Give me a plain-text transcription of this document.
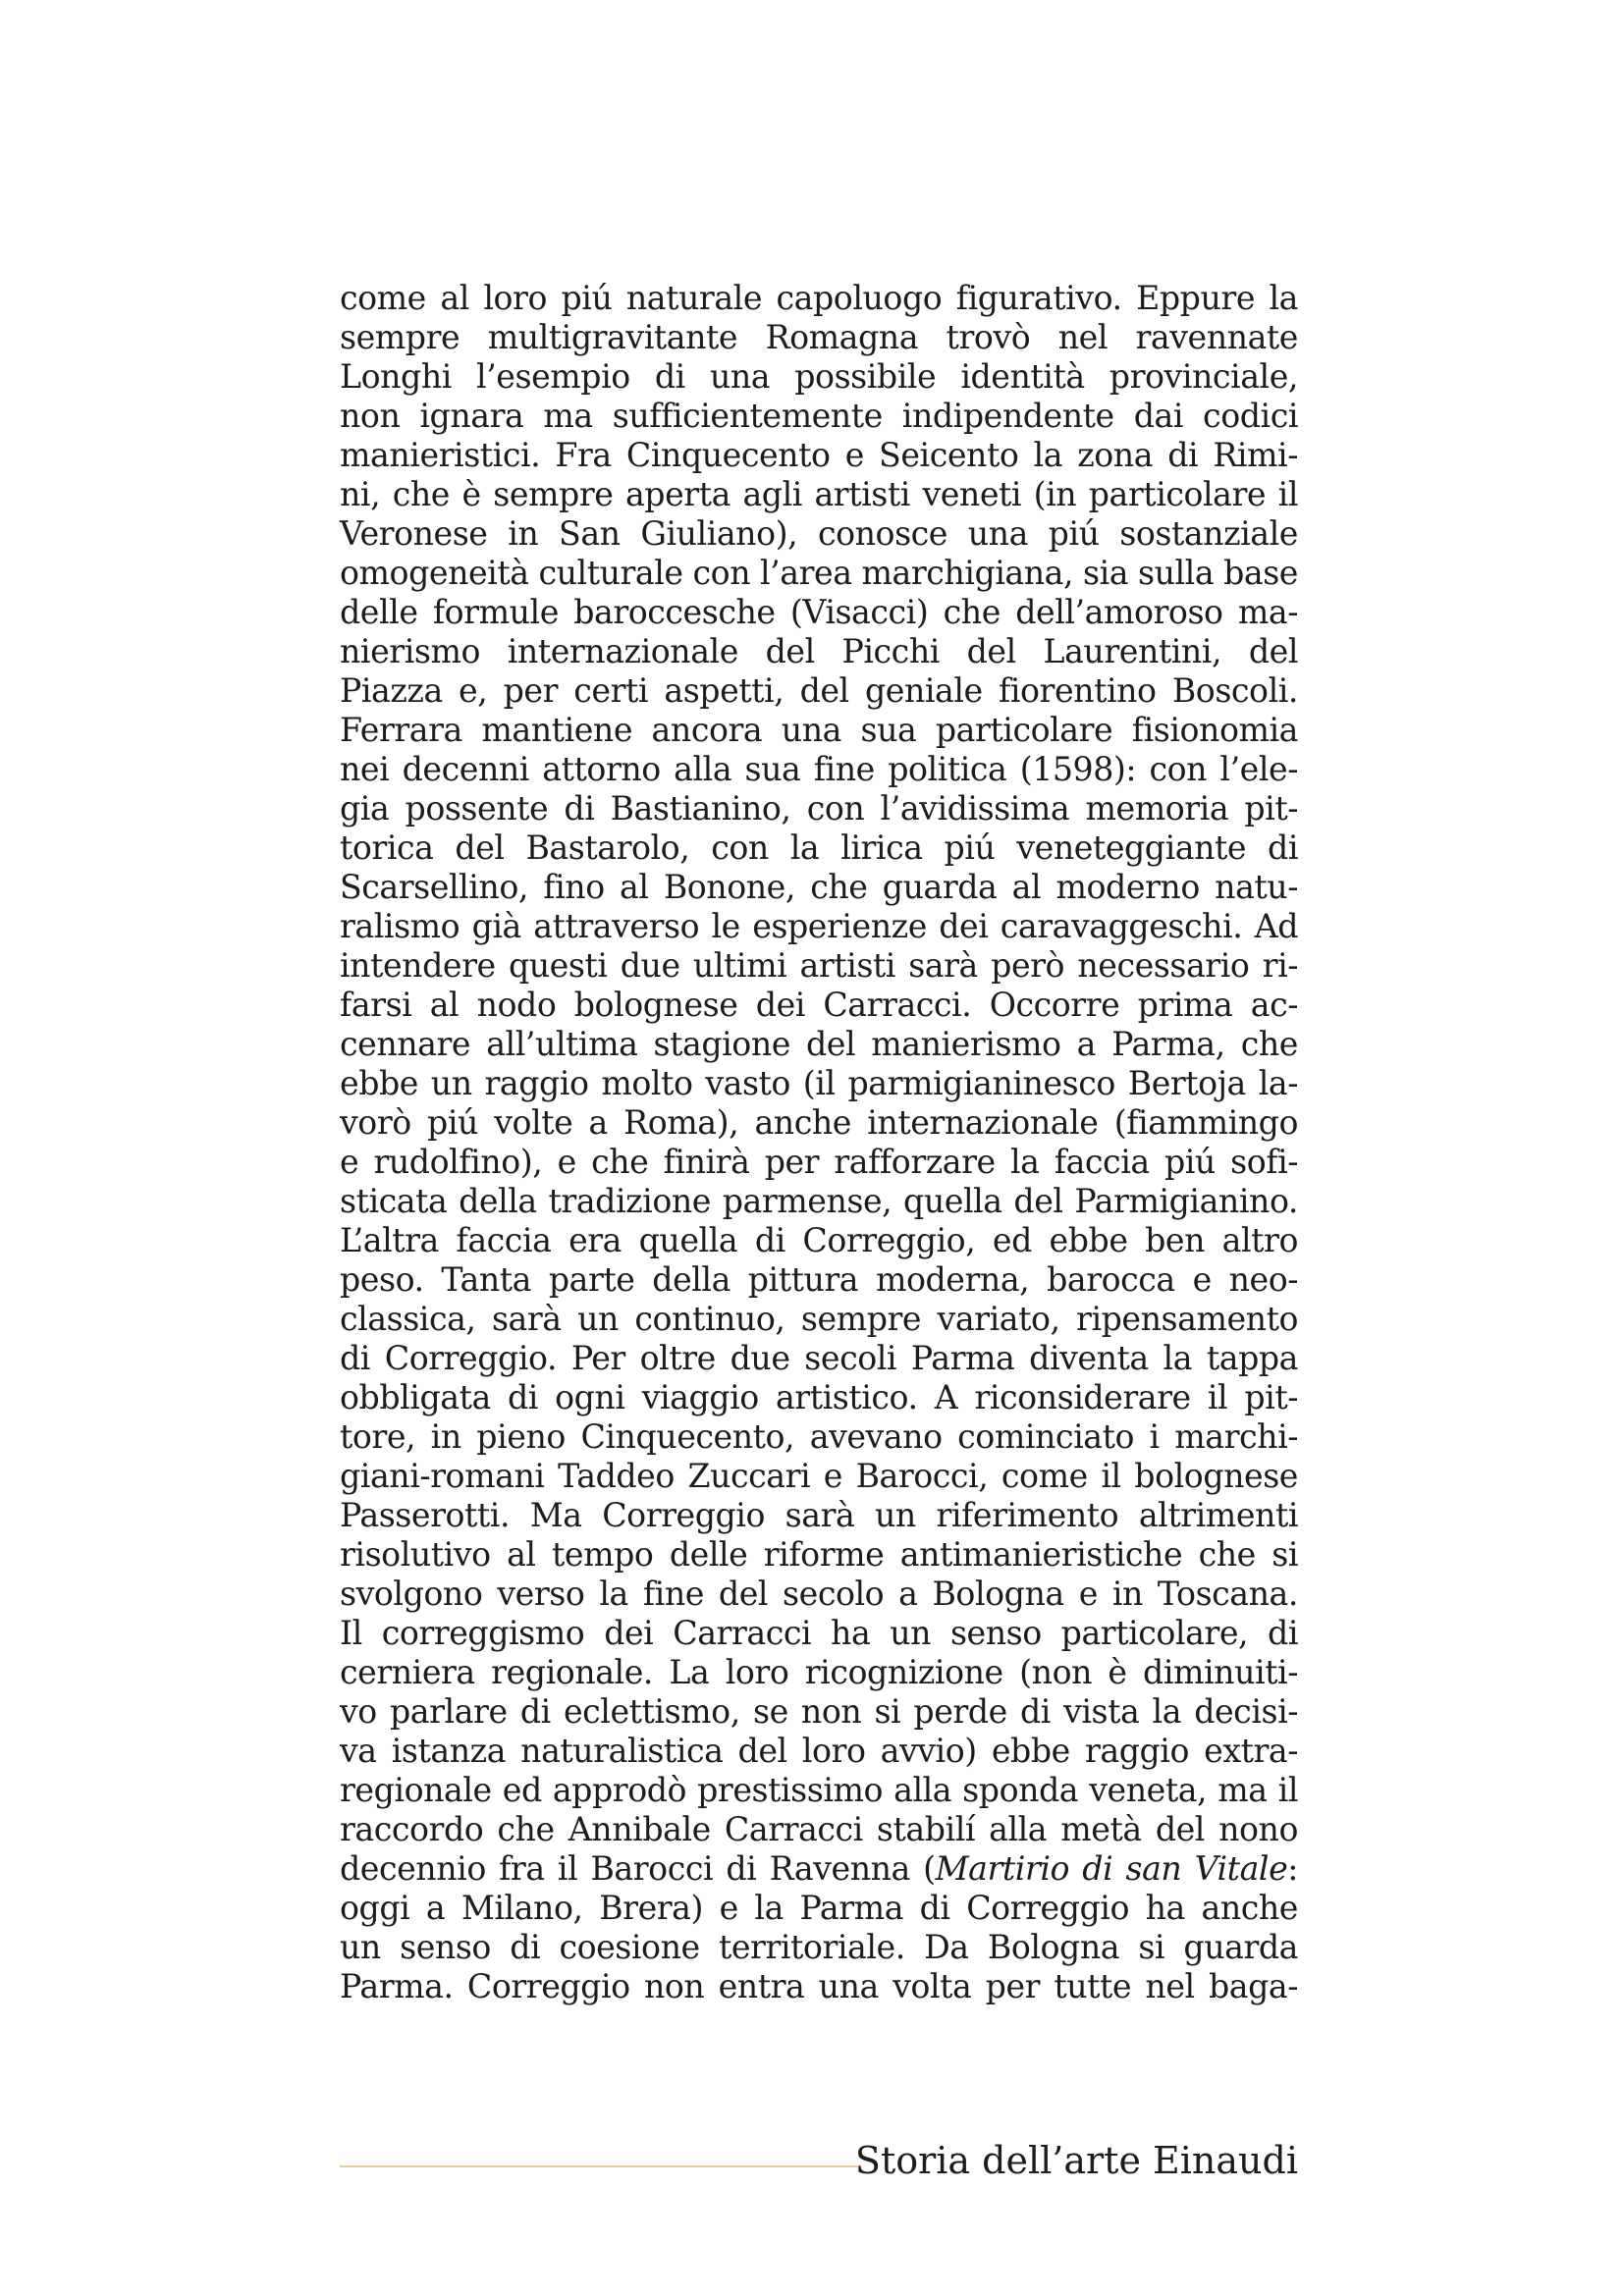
come al loro piú naturale capoluogo figurativo. Eppure la
sempre multigravitante Romagna trovò nel ravennate
Longhi l’esempio di una possibile identità provinciale,
non ignara ma sufficientemente indipendente dai codici
manieristici. Fra Cinquecento e Seicento la zona di Rimi-
ni, che è sempre aperta agli artisti veneti (in particolare il
Veronese in San Giuliano), conosce una piú sostanziale
omogeneità culturale con l’area marchigiana, sia sulla base
delle formule baroccesche (Visacci) che dell’amoroso ma-
nierismo internazionale del Picchi del Laurentini, del
Piazza e, per certi aspetti, del geniale fiorentino Boscoli.
Ferrara mantiene ancora una sua particolare fisionomia
nei decenni attorno alla sua fine politica (1598): con l’ele-
gia possente di Bastianino, con l’avidissima memoria pit-
torica del Bastarolo, con la lirica piú veneteggiante di
Scarsellino, fino al Bonone, che guarda al moderno natu-
ralismo già attraverso le esperienze dei caravaggeschi. Ad
intendere questi due ultimi artisti sarà però necessario ri-
farsi al nodo bolognese dei Carracci. Occorre prima ac-
cennare all’ultima stagione del manierismo a Parma, che
ebbe un raggio molto vasto (il parmigianinesco Bertoja la-
vorò piú volte a Roma), anche internazionale (fiammingo
e rudolfino), e che finirà per rafforzare la faccia piú sofi-
sticata della tradizione parmense, quella del Parmigianino.
L’altra faccia era quella di Correggio, ed ebbe ben altro
peso. Tanta parte della pittura moderna, barocca e neo-
classica, sarà un continuo, sempre variato, ripensamento
di Correggio. Per oltre due secoli Parma diventa la tappa
obbligata di ogni viaggio artistico. A riconsiderare il pit-
tore, in pieno Cinquecento, avevano cominciato i marchi-
giani-romani Taddeo Zuccari e Barocci, come il bolognese
Passerotti. Ma Correggio sarà un riferimento altrimenti
risolutivo al tempo delle riforme antimanieristiche che si
svolgono verso la fine del secolo a Bologna e in Toscana.
Il correggismo dei Carracci ha un senso particolare, di
cerniera regionale. La loro ricognizione (non è diminuiti-
vo parlare di eclettismo, se non si perde di vista la decisi-
va istanza naturalistica del loro avvio) ebbe raggio extra-
regionale ed approdò prestissimo alla sponda veneta, ma il
raccordo che Annibale Carracci stabilí alla metà del nono
decennio fra il Barocci di Ravenna (Martirio di san Vitale:
oggi a Milano, Brera) e la Parma di Correggio ha anche
un senso di coesione territoriale. Da Bologna si guarda
Parma. Correggio non entra una volta per tutte nel baga-
Storia dell’arte Einaudi
